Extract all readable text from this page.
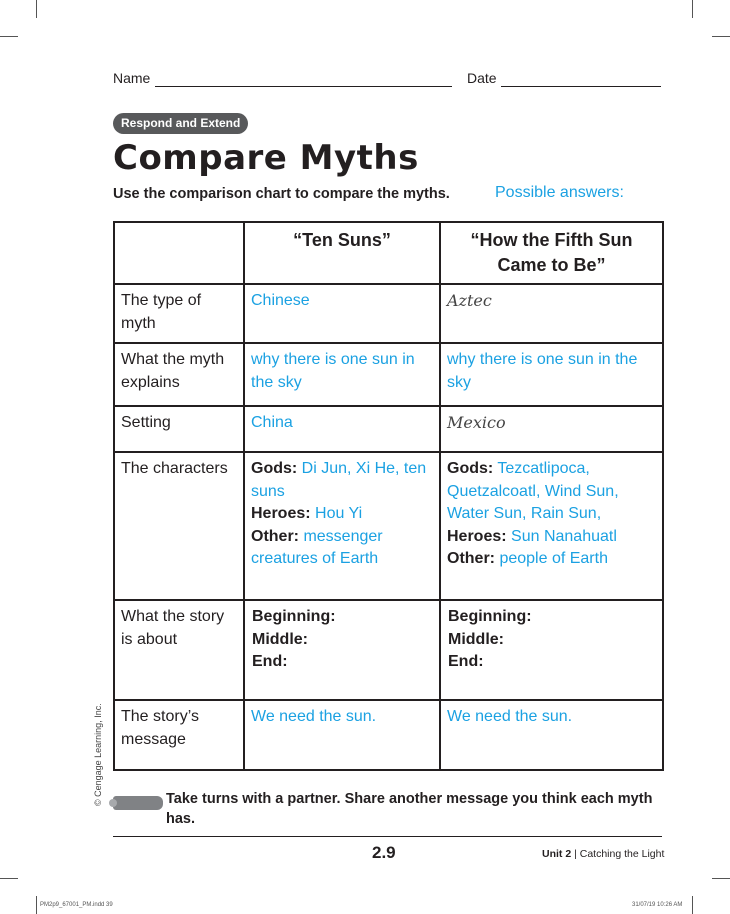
Name	Date
Respond and Extend
Compare Myths
Use the comparison chart to compare the myths.	Possible answers:
	“Ten Suns”	“How the Fifth Sun Came to Be”
The type of myth	Chinese	Aztec
What the myth explains	why there is one sun in the sky	why there is one sun in the sky
Setting	China	Mexico
The characters	Gods: Di Jun, Xi He, ten suns
Heroes: Hou Yi
Other: messenger creatures of Earth	Gods: Tezcatlipoca, Quetzalcoatl, Wind Sun, Water Sun, Rain Sun,
Heroes: Sun Nanahuatl
Other: people of Earth
What the story is about	Beginning:
Middle:
End:	Beginning:
Middle:
End:

The story’s message	We need the sun.	We need the sun.
Take turns with a partner. Share another message you think each myth has.
2.9	Unit 2 | Catching the Light
© Cengage Learning, Inc.
PM2p9_67001_PM.indd 39	31/07/19 10:26 AM
